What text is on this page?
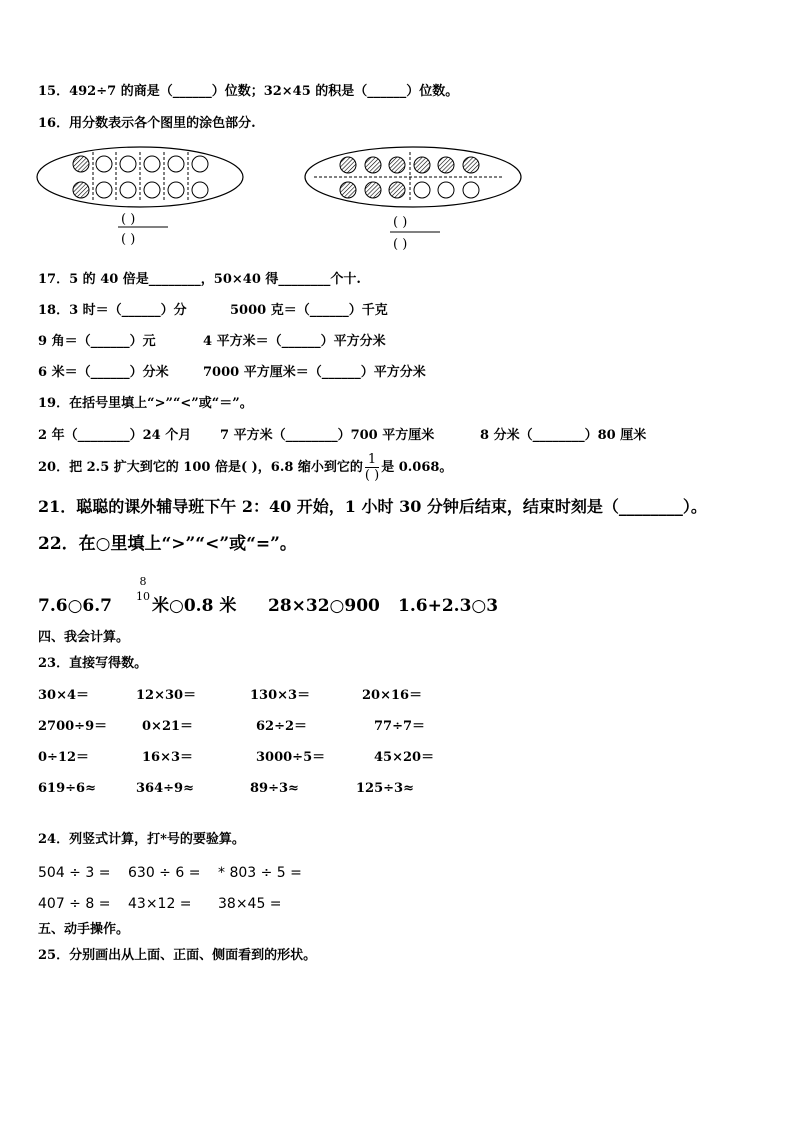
15．492÷7 的商是（______）位数；32×45 的积是（______）位数。
16．用分数表示各个图里的涂色部分.
( )
( )
( )
( )
17．5 的 40 倍是________，50×40 得________个十.
18．3 时＝（______）分	5000 克＝（______）千克
9 角＝（______）元	4 平方米＝（______）平方分米
6 米＝（______）分米	7000 平方厘米＝（______）平方分米
19．在括号里填上“>”“<”或“＝”。
2 年（________）24 个月 7 平方米（________）700 平方厘米	8 分米（________）80 厘米
20．把 2.5 扩大到它的 100 倍是( )，6.8 缩小到它的 $\frac{1}{( )}$ 是 0.068。
21．聪聪的课外辅导班下午 2：40 开始，1 小时 30 分钟后结束，结束时刻是（________）。
22．在○里填上“>”“<”或“=”。
7.6○6.7
8
10 米○0.8 米 28×32○900 1.6+2.3○3
四、我会计算。
23．直接写得数。
30×4＝	12×30＝	130×3＝	20×16＝
2700÷9＝	0×21＝	62÷2＝	77÷7＝
0÷12＝	16×3＝	3000÷5＝	45×20＝
619÷6≈	364÷9≈	89÷3≈	125÷3≈
24．列竖式计算，打*号的要验算。
504 ÷ 3 = 630 ÷ 6 = * 803 ÷ 5 =
407 ÷ 8 = 43×12 = 38×45 =
五、动手操作。
25．分别画出从上面、正面、侧面看到的形状。
